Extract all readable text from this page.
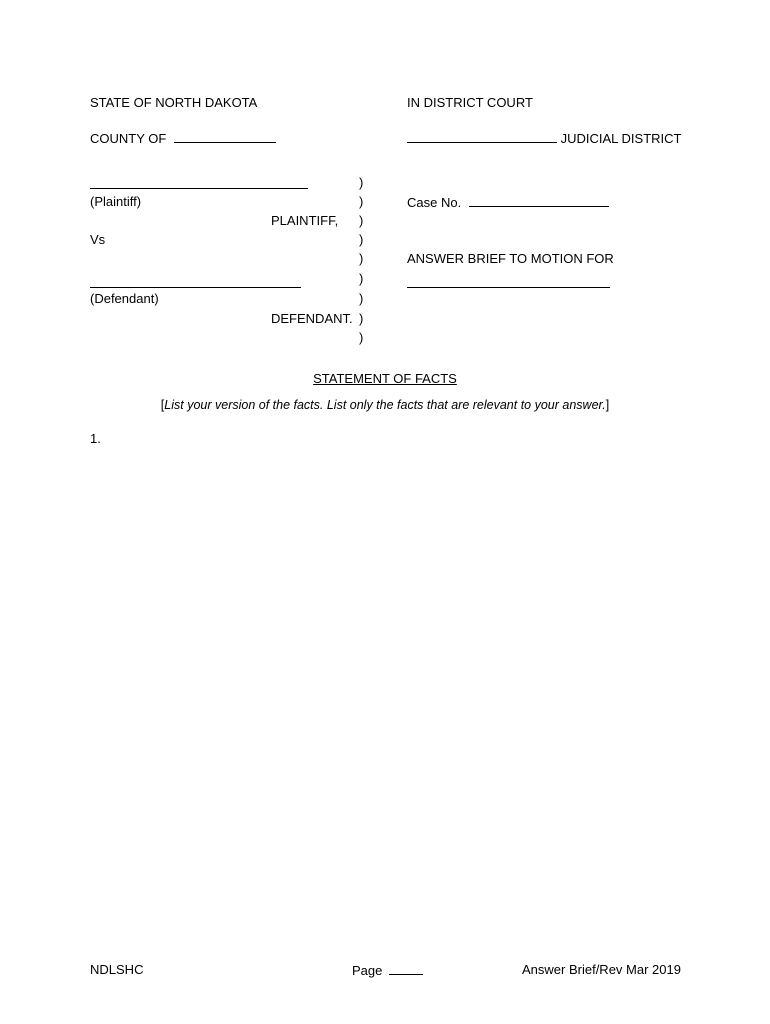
STATE OF NORTH DAKOTA	IN DISTRICT COURT
COUNTY OF	JUDICIAL DISTRICT
(Plaintiff)
PLAINTIFF,
Vs
(Defendant)
DEFENDANT.
)
)
)
)
)
)
)
)
)
Case No.
ANSWER BRIEF TO MOTION FOR
STATEMENT OF FACTS
[List your version of the facts. List only the facts that are relevant to your answer.]
1.
NDLSHC	Page	Answer Brief/Rev Mar 2019
